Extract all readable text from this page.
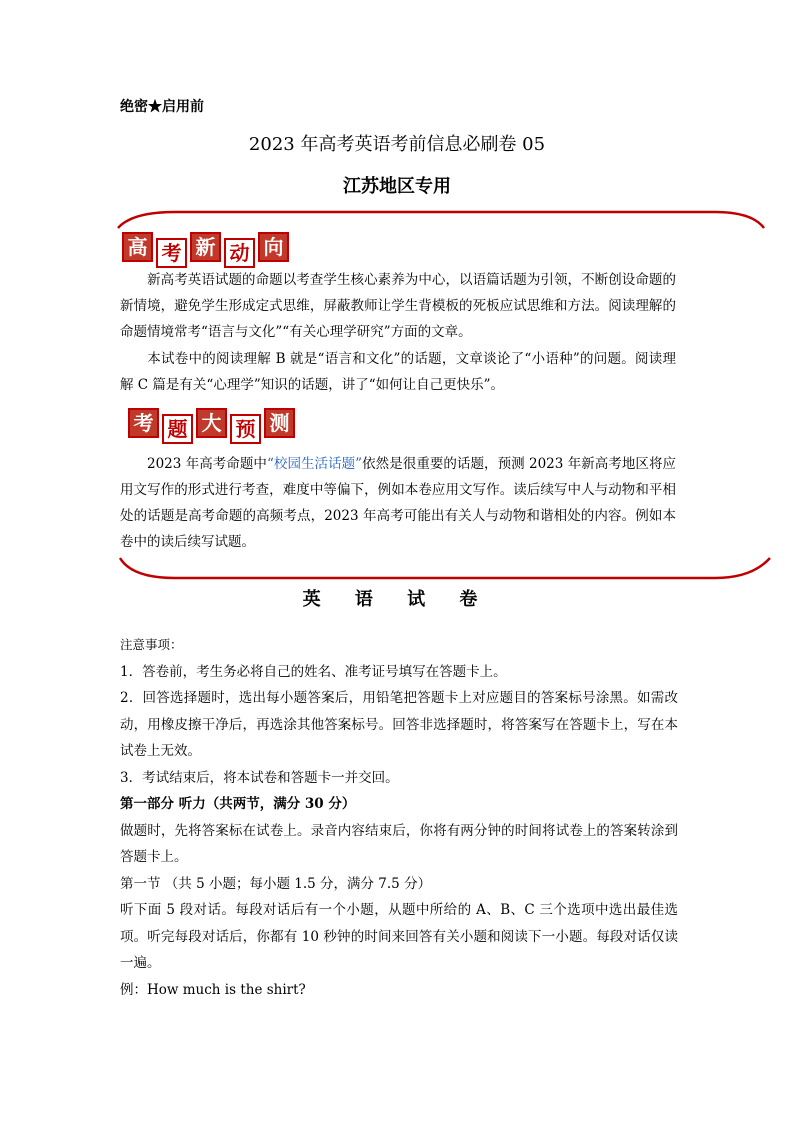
绝密★启用前
2023 年高考英语考前信息必刷卷 05
江苏地区专用
高 考 新 动 向
新高考英语试题的命题以考查学生核心素养为中心，以语篇话题为引领，不断创设命题的新情境，避免学生形成定式思维，屏蔽教师让学生背模板的死板应试思维和方法。阅读理解的命题情境常考“语言与文化”“有关心理学研究”方面的文章。
本试卷中的阅读理解 B 就是“语言和文化”的话题，文章谈论了“小语种”的问题。阅读理解 C 篇是有关“心理学”知识的话题，讲了“如何让自己更快乐”。
考 题 大 预 测
2023 年高考命题中“校园生活话题”依然是很重要的话题，预测 2023 年新高考地区将应用文写作的形式进行考查，难度中等偏下，例如本卷应用文写作。读后续写中人与动物和平相处的话题是高考命题的高频考点，2023 年高考可能出有关人与动物和谐相处的内容。例如本卷中的读后续写试题。
英 语 试 卷
注意事项：
1．答卷前，考生务必将自己的姓名、准考证号填写在答题卡上。
2．回答选择题时，选出每小题答案后，用铅笔把答题卡上对应题目的答案标号涂黑。如需改动，用橡皮擦干净后，再选涂其他答案标号。回答非选择题时，将答案写在答题卡上，写在本试卷上无效。
3．考试结束后，将本试卷和答题卡一并交回。
第一部分 听力（共两节，满分 30 分）
做题时，先将答案标在试卷上。录音内容结束后，你将有两分钟的时间将试卷上的答案转涂到答题卡上。
第一节 （共 5 小题；每小题 1.5 分，满分 7.5 分）
听下面 5 段对话。每段对话后有一个小题，从题中所给的 A、B、C 三个选项中选出最佳选项。听完每段对话后，你都有 10 秒钟的时间来回答有关小题和阅读下一小题。每段对话仅读一遍。
例：How much is the shirt?
